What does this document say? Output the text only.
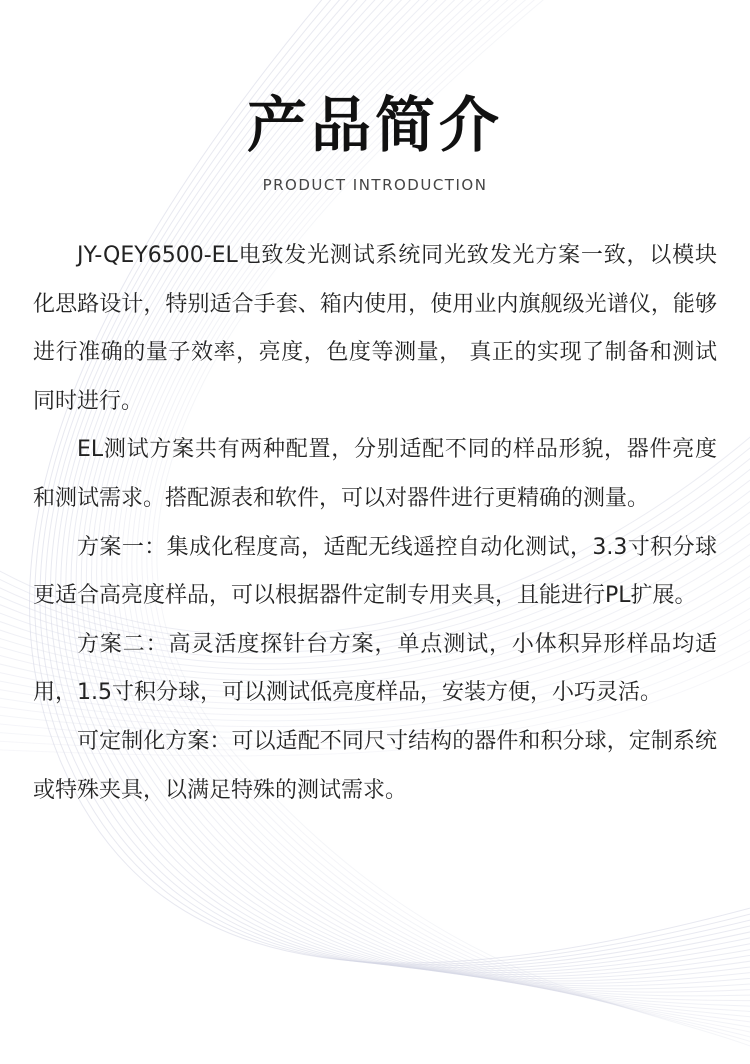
产品简介
PRODUCT INTRODUCTION

JY-QEY6500-EL电致发光测试系统同光致发光方案一致，以模块化思路设计，特别适合手套、箱内使用，使用业内旗舰级光谱仪，能够进行准确的量子效率，亮度，色度等测量， 真正的实现了制备和测试同时进行。

EL测试方案共有两种配置，分别适配不同的样品形貌，器件亮度和测试需求。搭配源表和软件，可以对器件进行更精确的测量。

方案一：集成化程度高，适配无线遥控自动化测试，3.3寸积分球更适合高亮度样品，可以根据器件定制专用夹具，且能进行PL扩展。

方案二：高灵活度探针台方案，单点测试，小体积异形样品均适用，1.5寸积分球，可以测试低亮度样品，安装方便，小巧灵活。

可定制化方案：可以适配不同尺寸结构的器件和积分球，定制系统或特殊夹具，以满足特殊的测试需求。
